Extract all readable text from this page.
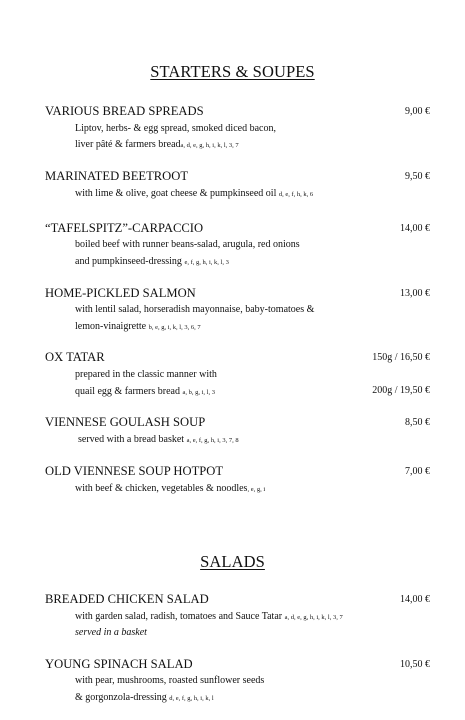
STARTERS & SOUPES
VARIOUS BREAD SPREADS	9,00 €
Liptov, herbs- & egg spread, smoked diced bacon,
liver pâté & farmers breada, d, e, g, h, i, k, l, 3, 7
MARINATED BEETROOT	9,50 €
with lime & olive, goat cheese & pumpkinseed oil d, e, f, h, k, 6
“TAFELSPITZ”-CARPACCIO	14,00 €
boiled beef with runner beans-salad, arugula, red onions
and pumpkinseed-dressing e, f, g, h, i, k, l, 3
HOME-PICKLED SALMON	13,00 €
with lentil salad, horseradish mayonnaise, baby-tomatoes &
lemon-vinaigrette b, e, g, i, k, l, 3, 6, 7
OX TATAR	150g / 16,50 €
prepared in the classic manner with
quail egg & farmers bread a, b, g, i, l, 3	200g / 19,50 €
VIENNESE GOULASH SOUP	8,50 €
served with a bread basket a, e, f, g, h, i, 3, 7, 8
OLD VIENNESE SOUP HOTPOT	7,00 €
with beef & chicken, vegetables & noodles, e, g, i
SALADS
BREADED CHICKEN SALAD	14,00 €
with garden salad, radish, tomatoes and Sauce Tatar a, d, e, g, h, i, k, l, 3, 7
served in a basket
YOUNG SPINACH SALAD	10,50 €
with pear, mushrooms, roasted sunflower seeds
& gorgonzola-dressing d, e, f, g, h, i, k, l
